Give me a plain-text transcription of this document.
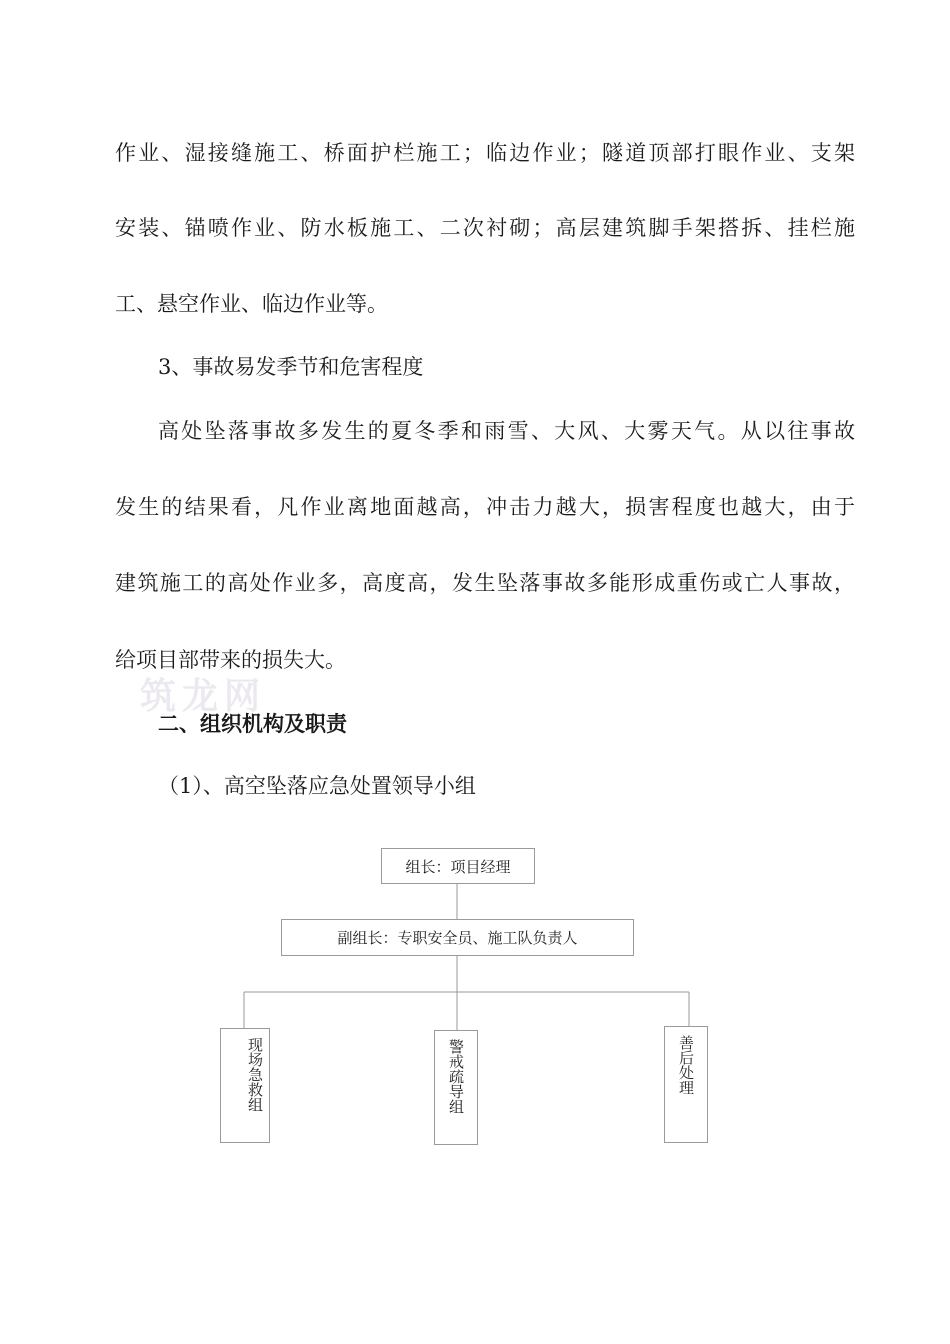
作业、湿接缝施工、桥面护栏施工；临边作业；隧道顶部打眼作业、支架
安装、锚喷作业、防水板施工、二次衬砌；高层建筑脚手架搭拆、挂栏施
工、悬空作业、临边作业等。
3、事故易发季节和危害程度
高处坠落事故多发生的夏冬季和雨雪、大风、大雾天气。从以往事故
发生的结果看，凡作业离地面越高，冲击力越大，损害程度也越大，由于
建筑施工的高处作业多，高度高，发生坠落事故多能形成重伤或亡人事故，
给项目部带来的损失大。
筑龙网
二、组织机构及职责
（1）、高空坠落应急处置领导小组
组长：项目经理
副组长：专职安全员、施工队负责人
现场急救组	警戒疏导组	善后处理
